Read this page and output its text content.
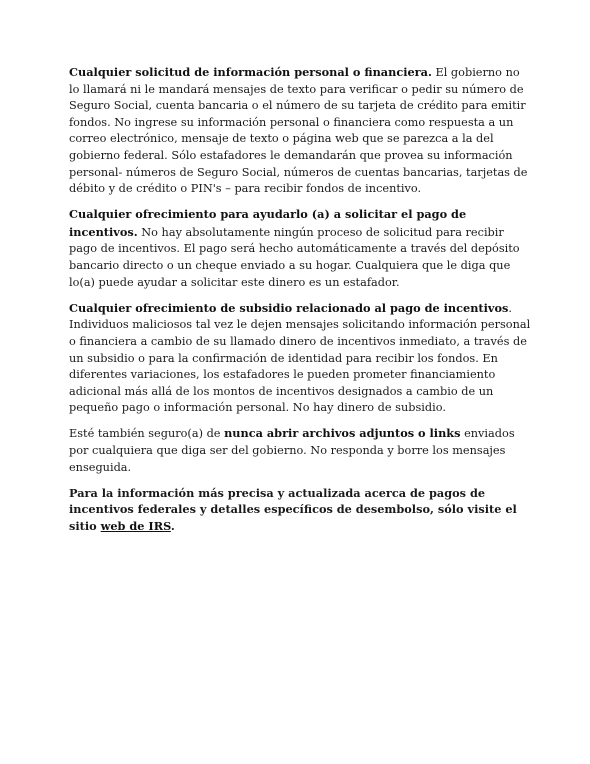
Cualquier solicitud de información personal o financiera. El gobierno no lo llamará ni le mandará mensajes de texto para verificar o pedir su número de Seguro Social, cuenta bancaria o el número de su tarjeta de crédito para emitir fondos. No ingrese su información personal o financiera como respuesta a un correo electrónico, mensaje de texto o página web que se parezca a la del gobierno federal. Sólo estafadores le demandarán que provea su información personal- números de Seguro Social, números de cuentas bancarias, tarjetas de débito y de crédito o PIN's – para recibir fondos de incentivo.

Cualquier ofrecimiento para ayudarlo (a) a solicitar el pago de incentivos. No hay absolutamente ningún proceso de solicitud para recibir pago de incentivos. El pago será hecho automáticamente a través del depósito bancario directo o un cheque enviado a su hogar. Cualquiera que le diga que lo(a) puede ayudar a solicitar este dinero es un estafador.

Cualquier ofrecimiento de subsidio relacionado al pago de incentivos. Individuos maliciosos tal vez le dejen mensajes solicitando información personal o financiera a cambio de su llamado dinero de incentivos inmediato, a través de un subsidio o para la confirmación de identidad para recibir los fondos. En diferentes variaciones, los estafadores le pueden prometer financiamiento adicional más allá de los montos de incentivos designados a cambio de un pequeño pago o información personal. No hay dinero de subsidio.

Esté también seguro(a) de nunca abrir archivos adjuntos o links enviados por cualquiera que diga ser del gobierno. No responda y borre los mensajes enseguida.

Para la información más precisa y actualizada acerca de pagos de incentivos federales y detalles específicos de desembolso, sólo visite el sitio web de IRS.
